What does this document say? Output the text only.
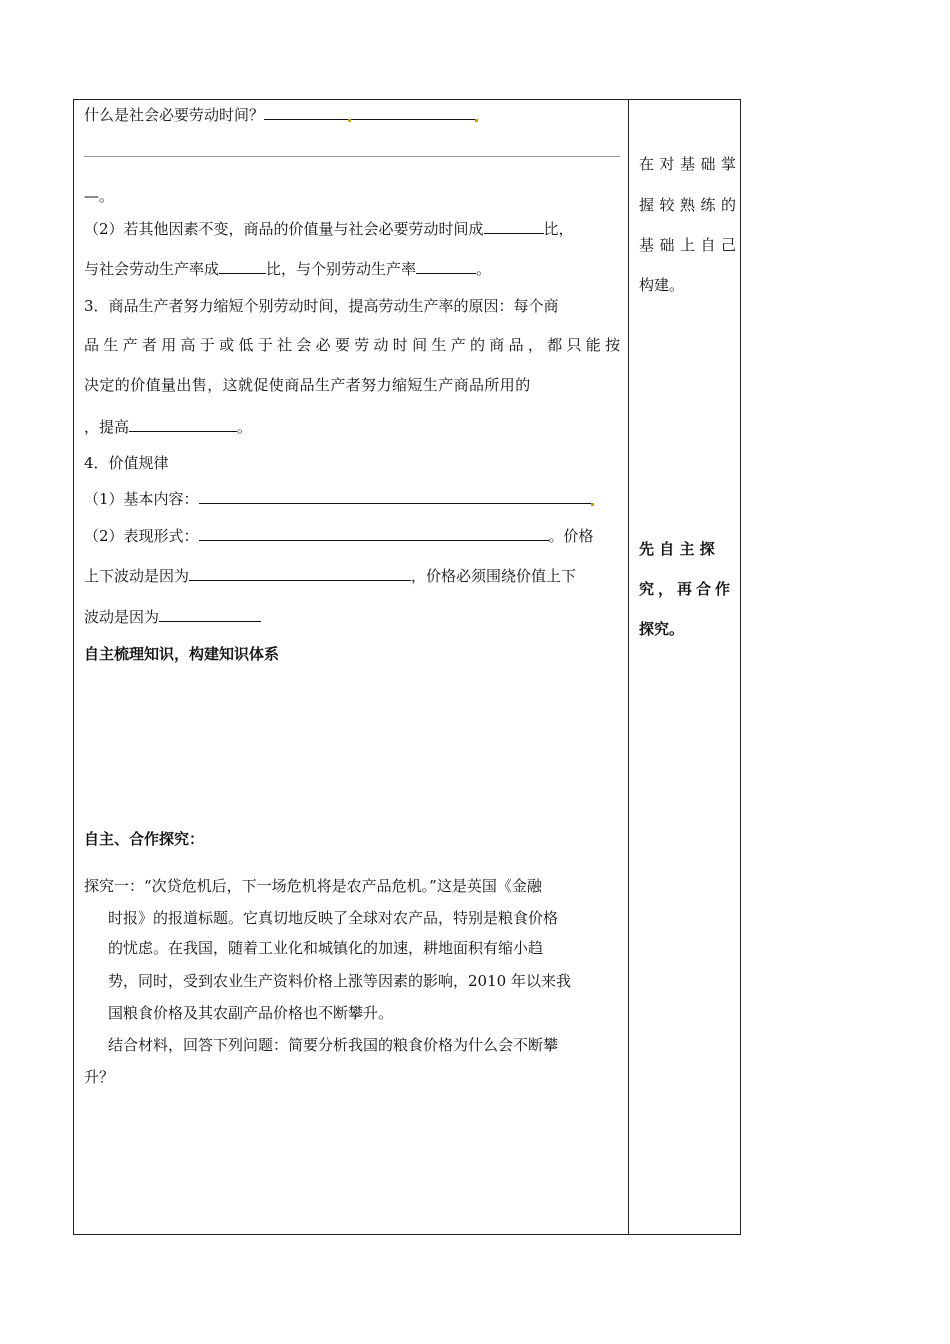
什么是社会必要劳动时间？
—。
（2）若其他因素不变，商品的价值量与社会必要劳动时间成	比，
与社会劳动生产率成	比，与个别劳动生产率	。
3．商品生产者努力缩短个别劳动时间，提高劳动生产率的原因：每个商
品生产者用高于或低于社会必要劳动时间生产的商品，都只能按
决定的价值量出售，这就促使商品生产者努力缩短生产商品所用的
，提高	。
4．价值规律
（1）基本内容：
（2）表现形式：	。价格
上下波动是因为	，价格必须围绕价值上下
波动是因为
自主梳理知识，构建知识体系
自主、合作探究：
探究一：“次贷危机后，下一场危机将是农产品危机。”这是英国《金融
时报》的报道标题。它真切地反映了全球对农产品，特别是粮食价格
的忧虑。在我国，随着工业化和城镇化的加速，耕地面积有缩小趋
势，同时，受到农业生产资料价格上涨等因素的影响，2010 年以来我
国粮食价格及其农副产品价格也不断攀升。
结合材料，回答下列问题：简要分析我国的粮食价格为什么会不断攀
升？
在对基础掌
握较熟练的
基础上自己
构建。
先 自 主 探
究，再合作
探究。
